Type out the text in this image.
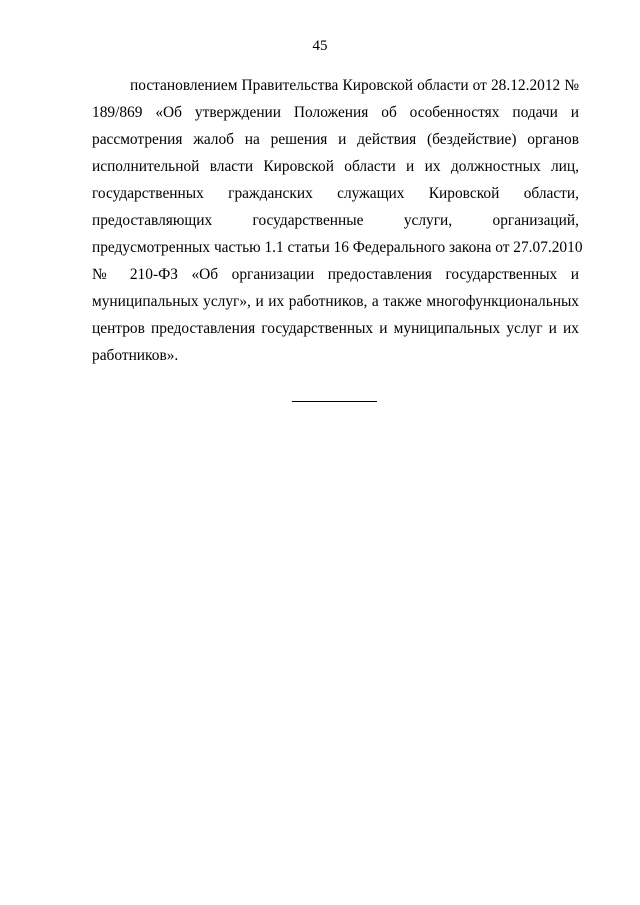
45
постановлением Правительства Кировской области от 28.12.2012 №
189/869 «Об утверждении Положения об особенностях подачи и
рассмотрения жалоб на решения и действия (бездействие) органов
исполнительной власти Кировской области и их должностных лиц,
государственных гражданских служащих Кировской области,
предоставляющих государственные услуги, организаций,
предусмотренных частью 1.1 статьи 16 Федерального закона от 27.07.2010
№ 210-ФЗ «Об организации предоставления государственных и
муниципальных услуг», и их работников, а также многофункциональных
центров предоставления государственных и муниципальных услуг и их
работников».
